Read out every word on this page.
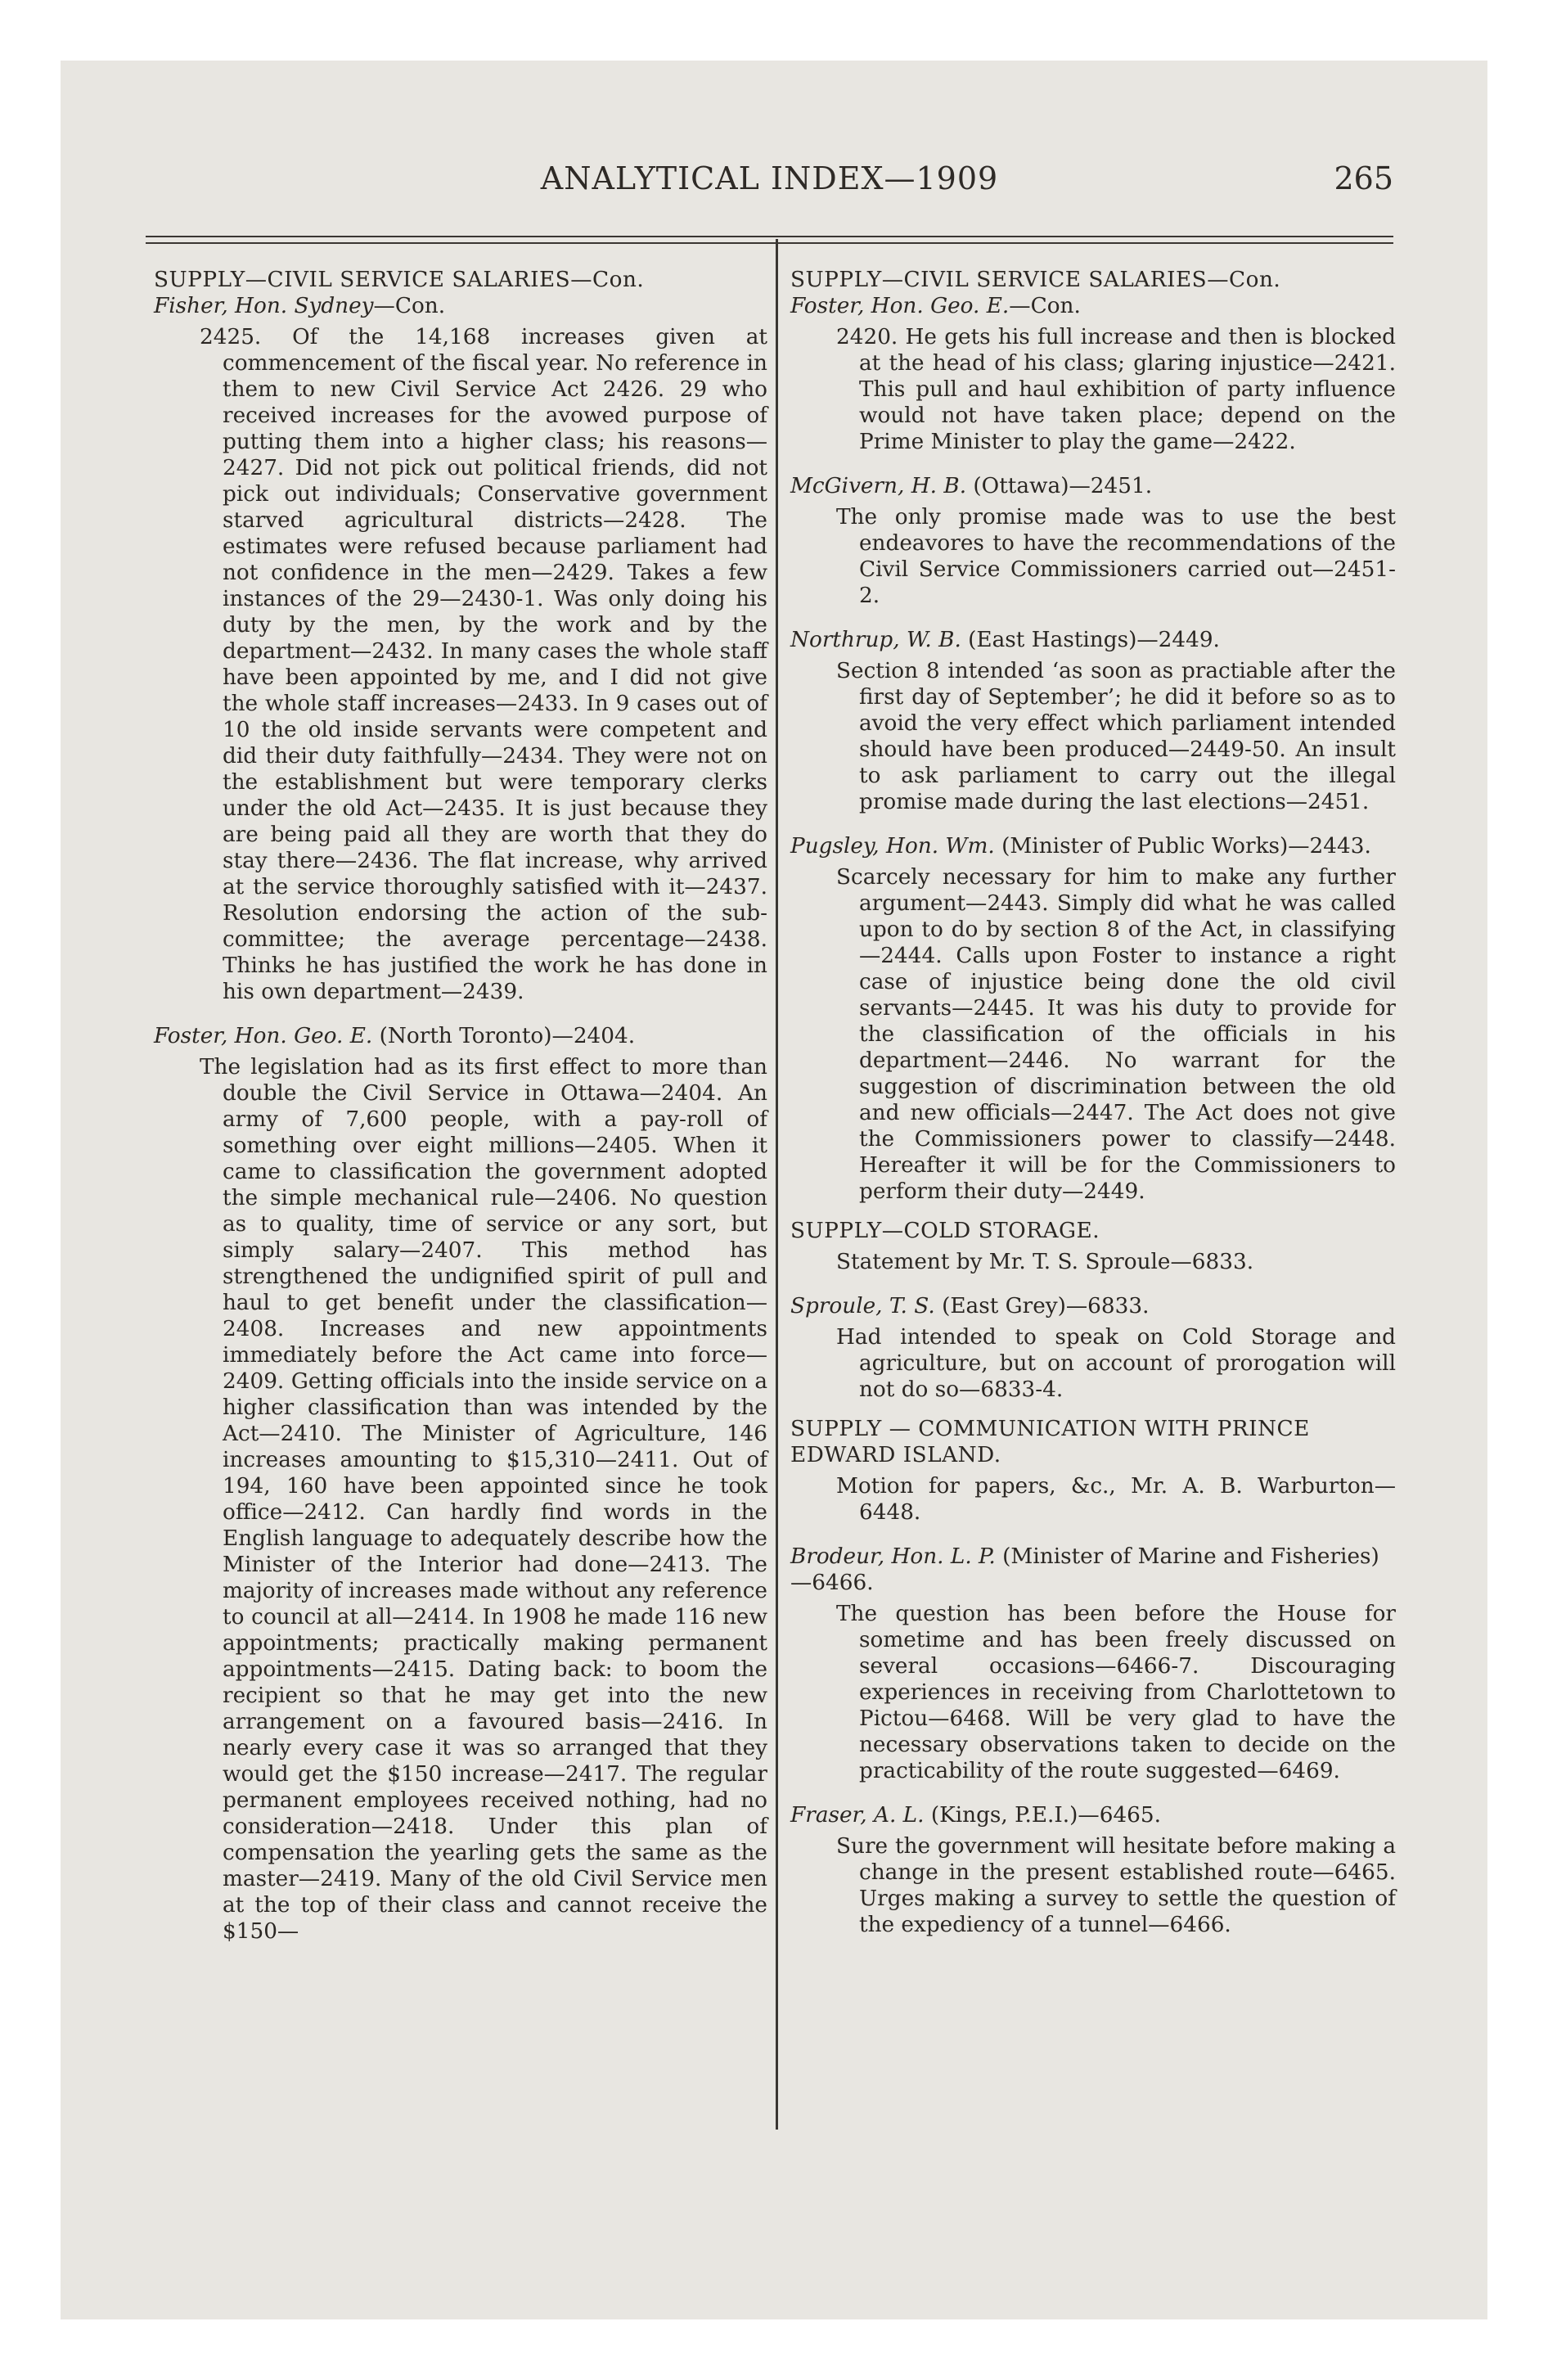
ANALYTICAL INDEX—1909	265

SUPPLY—CIVIL SERVICE SALARIES—Con.

Fisher, Hon. Sydney—Con.

2425. Of the 14,168 increases given at commencement of the fiscal year. No reference in them to new Civil Service Act 2426. 29 who received increases for the avowed purpose of putting them into a higher class; his reasons—2427. Did not pick out political friends, did not pick out individuals; Conservative government starved agricultural districts—2428. The estimates were refused because parliament had not confidence in the men—2429. Takes a few instances of the 29—2430-1. Was only doing his duty by the men, by the work and by the department—2432. In many cases the whole staff have been appointed by me, and I did not give the whole staff increases—2433. In 9 cases out of 10 the old inside servants were competent and did their duty faithfully—2434. They were not on the establishment but were temporary clerks under the old Act—2435. It is just because they are being paid all they are worth that they do stay there—2436. The flat increase, why arrived at the service thoroughly satisfied with it—2437. Resolution endorsing the action of the sub-committee; the average percentage—2438. Thinks he has justified the work he has done in his own department—2439.

Foster, Hon. Geo. E. (North Toronto)—2404.

The legislation had as its first effect to more than double the Civil Service in Ottawa—2404. An army of 7,600 people, with a pay-roll of something over eight millions—2405. When it came to classification the government adopted the simple mechanical rule—2406. No question as to quality, time of service or any sort, but simply salary—2407. This method has strengthened the undignified spirit of pull and haul to get benefit under the classification—2408. Increases and new appointments immediately before the Act came into force—2409. Getting officials into the inside service on a higher classification than was intended by the Act—2410. The Minister of Agriculture, 146 increases amounting to $15,310—2411. Out of 194, 160 have been appointed since he took office—2412. Can hardly find words in the English language to adequately describe how the Minister of the Interior had done—2413. The majority of increases made without any reference to council at all—2414. In 1908 he made 116 new appointments; practically making permanent appointments—2415. Dating back: to boom the recipient so that he may get into the new arrangement on a favoured basis—2416. In nearly every case it was so arranged that they would get the $150 increase—2417. The regular permanent employees received nothing, had no consideration—2418. Under this plan of compensation the yearling gets the same as the master—2419. Many of the old Civil Service men at the top of their class and cannot receive the $150—

SUPPLY—CIVIL SERVICE SALARIES—Con.

Foster, Hon. Geo. E.—Con.

2420. He gets his full increase and then is blocked at the head of his class; glaring injustice—2421. This pull and haul exhibition of party influence would not have taken place; depend on the Prime Minister to play the game—2422.

McGivern, H. B. (Ottawa)—2451.

The only promise made was to use the best endeavores to have the recommendations of the Civil Service Commissioners carried out—2451-2.

Northrup, W. B. (East Hastings)—2449.

Section 8 intended ‘as soon as practiable after the first day of September’; he did it before so as to avoid the very effect which parliament intended should have been produced—2449-50. An insult to ask parliament to carry out the illegal promise made during the last elections—2451.

Pugsley, Hon. Wm. (Minister of Public Works)—2443.

Scarcely necessary for him to make any further argument—2443. Simply did what he was called upon to do by section 8 of the Act, in classifying—2444. Calls upon Foster to instance a right case of injustice being done the old civil servants—2445. It was his duty to provide for the classification of the officials in his department—2446. No warrant for the suggestion of discrimination between the old and new officials—2447. The Act does not give the Commissioners power to classify—2448. Hereafter it will be for the Commissioners to perform their duty—2449.

SUPPLY—COLD STORAGE.

Statement by Mr. T. S. Sproule—6833.

Sproule, T. S. (East Grey)—6833.

Had intended to speak on Cold Storage and agriculture, but on account of prorogation will not do so—6833-4.

SUPPLY — COMMUNICATION WITH PRINCE EDWARD ISLAND.

Motion for papers, &c., Mr. A. B. Warburton—6448.

Brodeur, Hon. L. P. (Minister of Marine and Fisheries)—6466.

The question has been before the House for sometime and has been freely discussed on several occasions—6466-7. Discouraging experiences in receiving from Charlottetown to Pictou—6468. Will be very glad to have the necessary observations taken to decide on the practicability of the route suggested—6469.

Fraser, A. L. (Kings, P.E.I.)—6465.

Sure the government will hesitate before making a change in the present established route—6465. Urges making a survey to settle the question of the expediency of a tunnel—6466.
